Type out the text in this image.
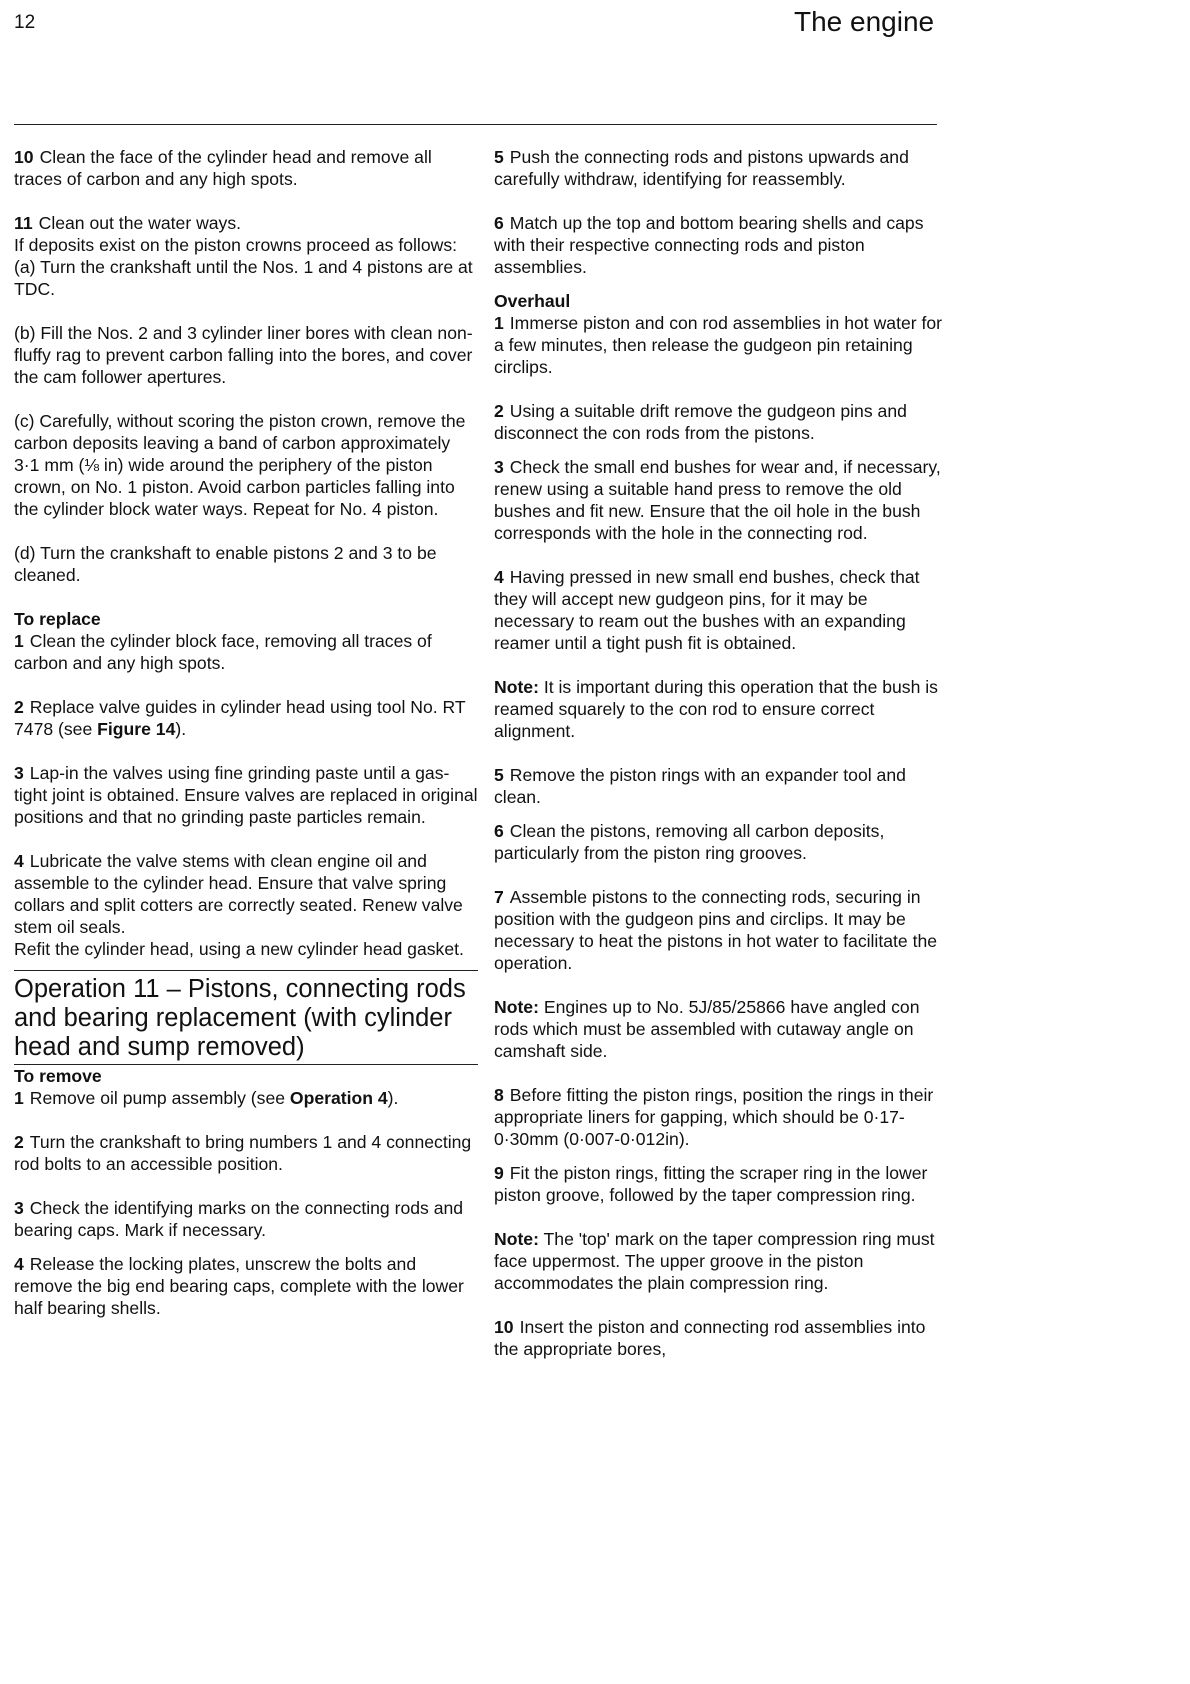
12	The engine

10 Clean the face of the cylinder head and remove all traces of carbon and any high spots.

11 Clean out the water ways.

If deposits exist on the piston crowns proceed as follows:

(a) Turn the crankshaft until the Nos. 1 and 4 pistons are at TDC.

(b) Fill the Nos. 2 and 3 cylinder liner bores with clean non-fluffy rag to prevent carbon falling into the bores, and cover the cam follower apertures.

(c) Carefully, without scoring the piston crown, remove the carbon deposits leaving a band of carbon approximately 3·1 mm (⅛ in) wide around the periphery of the piston crown, on No. 1 piston. Avoid carbon particles falling into the cylinder block water ways. Repeat for No. 4 piston.

(d) Turn the crankshaft to enable pistons 2 and 3 to be cleaned.

To replace

1 Clean the cylinder block face, removing all traces of carbon and any high spots.

2 Replace valve guides in cylinder head using tool No. RT 7478 (see Figure 14).

3 Lap-in the valves using fine grinding paste until a gas-tight joint is obtained. Ensure valves are replaced in original positions and that no grinding paste particles remain.

4 Lubricate the valve stems with clean engine oil and assemble to the cylinder head. Ensure that valve spring collars and split cotters are correctly seated. Renew valve stem oil seals.

Refit the cylinder head, using a new cylinder head gasket.

Operation 11 – Pistons, connecting rods and bearing replacement (with cylinder head and sump removed)

To remove

1 Remove oil pump assembly (see Operation 4).

2 Turn the crankshaft to bring numbers 1 and 4 connecting rod bolts to an accessible position.

3 Check the identifying marks on the connecting rods and bearing caps. Mark if necessary.

4 Release the locking plates, unscrew the bolts and remove the big end bearing caps, complete with the lower half bearing shells.

5 Push the connecting rods and pistons upwards and carefully withdraw, identifying for reassembly.

6 Match up the top and bottom bearing shells and caps with their respective connecting rods and piston assemblies.

Overhaul

1 Immerse piston and con rod assemblies in hot water for a few minutes, then release the gudgeon pin retaining circlips.

2 Using a suitable drift remove the gudgeon pins and disconnect the con rods from the pistons.

3 Check the small end bushes for wear and, if necessary, renew using a suitable hand press to remove the old bushes and fit new. Ensure that the oil hole in the bush corresponds with the hole in the connecting rod.

4 Having pressed in new small end bushes, check that they will accept new gudgeon pins, for it may be necessary to ream out the bushes with an expanding reamer until a tight push fit is obtained.

Note: It is important during this operation that the bush is reamed squarely to the con rod to ensure correct alignment.

5 Remove the piston rings with an expander tool and clean.

6 Clean the pistons, removing all carbon deposits, particularly from the piston ring grooves.

7 Assemble pistons to the connecting rods, securing in position with the gudgeon pins and circlips. It may be necessary to heat the pistons in hot water to facilitate the operation.

Note: Engines up to No. 5J/85/25866 have angled con rods which must be assembled with cutaway angle on camshaft side.

8 Before fitting the piston rings, position the rings in their appropriate liners for gapping, which should be 0·17-0·30mm (0·007-0·012in).

9 Fit the piston rings, fitting the scraper ring in the lower piston groove, followed by the taper compression ring.

Note: The 'top' mark on the taper compression ring must face uppermost. The upper groove in the piston accommodates the plain compression ring.

10 Insert the piston and connecting rod assemblies into the appropriate bores,
